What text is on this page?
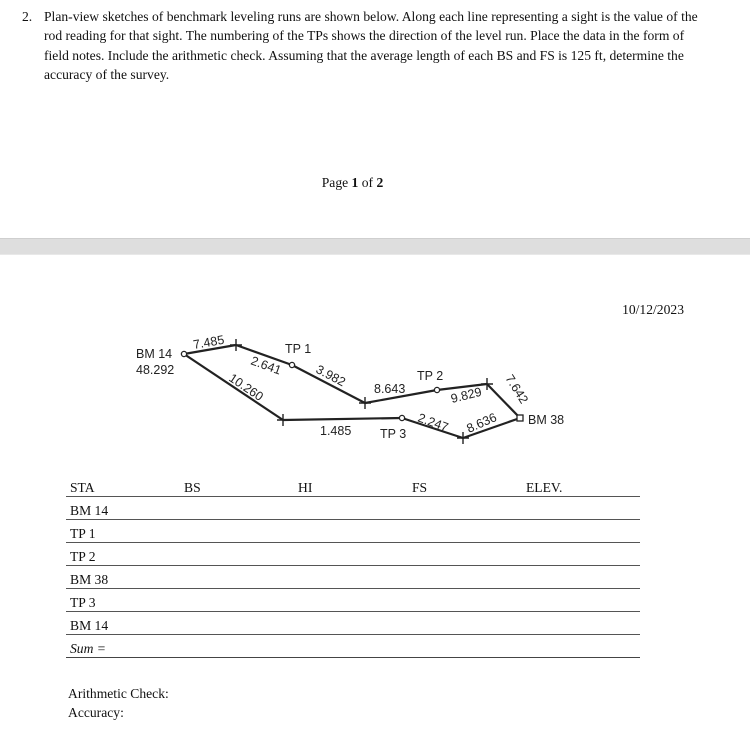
2. Plan-view sketches of benchmark leveling runs are shown below. Along each line representing a sight is the value of the rod reading for that sight. The numbering of the TPs shows the direction of the level run. Place the data in the form of field notes. Include the arithmetic check. Assuming that the average length of each BS and FS is 125 ft, determine the accuracy of the survey.

Page 1 of 2
10/12/2023
BM 14
48.292
TP 1
TP 2
TP 3
BM 38
7.485
2.641 3.982 8.643	9.829 7.642
8.636
2.247
1.485
10.260
STA	BS	HI	FS	ELEV.
BM 14				
TP 1				
TP 2				
BM 38				
TP 3				
BM 14				
Sum =				
Arithmetic Check:
Accuracy:
